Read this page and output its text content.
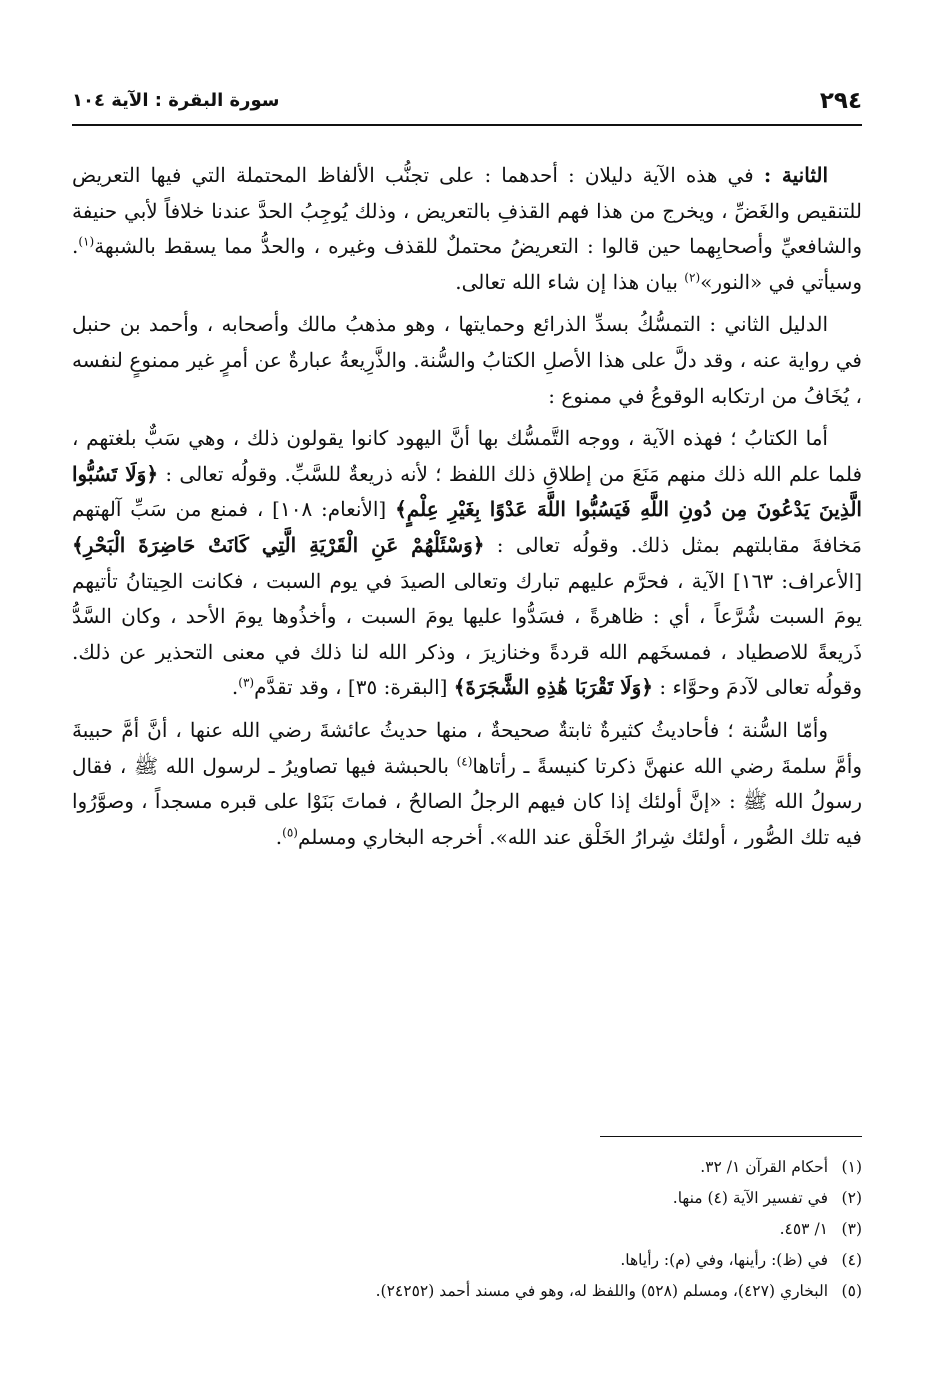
٢٩٤
سورة البقرة : الآية ١٠٤

الثانية : في هذه الآية دليلان : أحدهما : على تجنُّب الألفاظ المحتملة التي فيها التعريض للتنقيص والغَضِّ ، ويخرج من هذا فهم القذفِ بالتعريض ، وذلك يُوجِبُ الحدَّ عندنا خلافاً لأبي حنيفة والشافعيِّ وأصحابِهما حين قالوا : التعريضُ محتملٌ للقذف وغيره ، والحدُّ مما يسقط بالشبهة$^{(١)}$. وسيأتي في «النور»$^{(٢)}$ بيان هذا إن شاء الله تعالى.

الدليل الثاني : التمسُّكُ بسدِّ الذرائع وحمايتها ، وهو مذهبُ مالك وأصحابه ، وأحمد بن حنبل في رواية عنه ، وقد دلَّ على هذا الأصلِ الكتابُ والسُّنة. والذَّرِيعةُ عبارةٌ عن أمرٍ غير ممنوعٍ لنفسه ، يُخَافُ من ارتكابه الوقوعُ في ممنوع :

أما الكتابُ ؛ فهذه الآية ، ووجه التَّمسُّك بها أنَّ اليهود كانوا يقولون ذلك ، وهي سَبٌّ بلغتهم ، فلما علم الله ذلك منهم مَنَعَ من إطلاقِ ذلك اللفظ ؛ لأنه ذريعةٌ للسَّبِّ. وقولُه تعالى : ﴿وَلَا تَسُبُّوا الَّذِينَ يَدْعُونَ مِن دُونِ اللَّهِ فَيَسُبُّوا اللَّهَ عَدْوًا بِغَيْرِ عِلْمٍ﴾ [الأنعام: ١٠٨] ، فمنع من سَبِّ آلهتهم مَخافةَ مقابلتهم بمثل ذلك. وقولُه تعالى : ﴿وَسْئَلْهُمْ عَنِ الْقَرْيَةِ الَّتِي كَانَتْ حَاضِرَةَ الْبَحْرِ﴾ [الأعراف: ١٦٣] الآية ، فحرَّم عليهم تبارك وتعالى الصيدَ في يوم السبت ، فكانت الحِيتانُ تأتيهم يومَ السبت شُرَّعاً ، أي : ظاهرةً ، فسَدُّوا عليها يومَ السبت ، وأخذُوها يومَ الأحد ، وكان السَّدُّ ذَريعةً للاصطياد ، فمسخَهم الله قردةً وخنازيرَ ، وذكر الله لنا ذلك في معنى التحذير عن ذلك. وقولُه تعالى لآدمَ وحوَّاء : ﴿وَلَا تَقْرَبَا هَٰذِهِ الشَّجَرَةَ﴾ [البقرة: ٣٥] ، وقد تقدَّم$^{(٣)}$.

وأمّا السُّنة ؛ فأحاديثُ كثيرةٌ ثابتةٌ صحيحةٌ ، منها حديثُ عائشةَ رضي الله عنها ، أنَّ أمَّ حبيبةَ وأمَّ سلمةَ رضي الله عنهنَّ ذكرتا كنيسةً ـ رأتاها$^{(٤)}$ بالحبشة فيها تصاويرُ ـ لرسول الله ﷺ ، فقال رسولُ الله ﷺ : «إنَّ أولئك إذا كان فيهم الرجلُ الصالحُ ، فماتَ بَنَوْا على قبره مسجداً ، وصوَّرُوا فيه تلك الصُّور ، أولئك شِرارُ الخَلْق عند الله». أخرجه البخاري ومسلم$^{(٥)}$.

(١)أحكام القرآن ١/ ٣٢.
(٢)في تفسير الآية (٤) منها.
(٣)١/ ٤٥٣.
(٤)في (ظ): رأينها، وفي (م): رأياها.
(٥)البخاري (٤٢٧)، ومسلم (٥٢٨) واللفظ له، وهو في مسند أحمد (٢٤٢٥٢).
